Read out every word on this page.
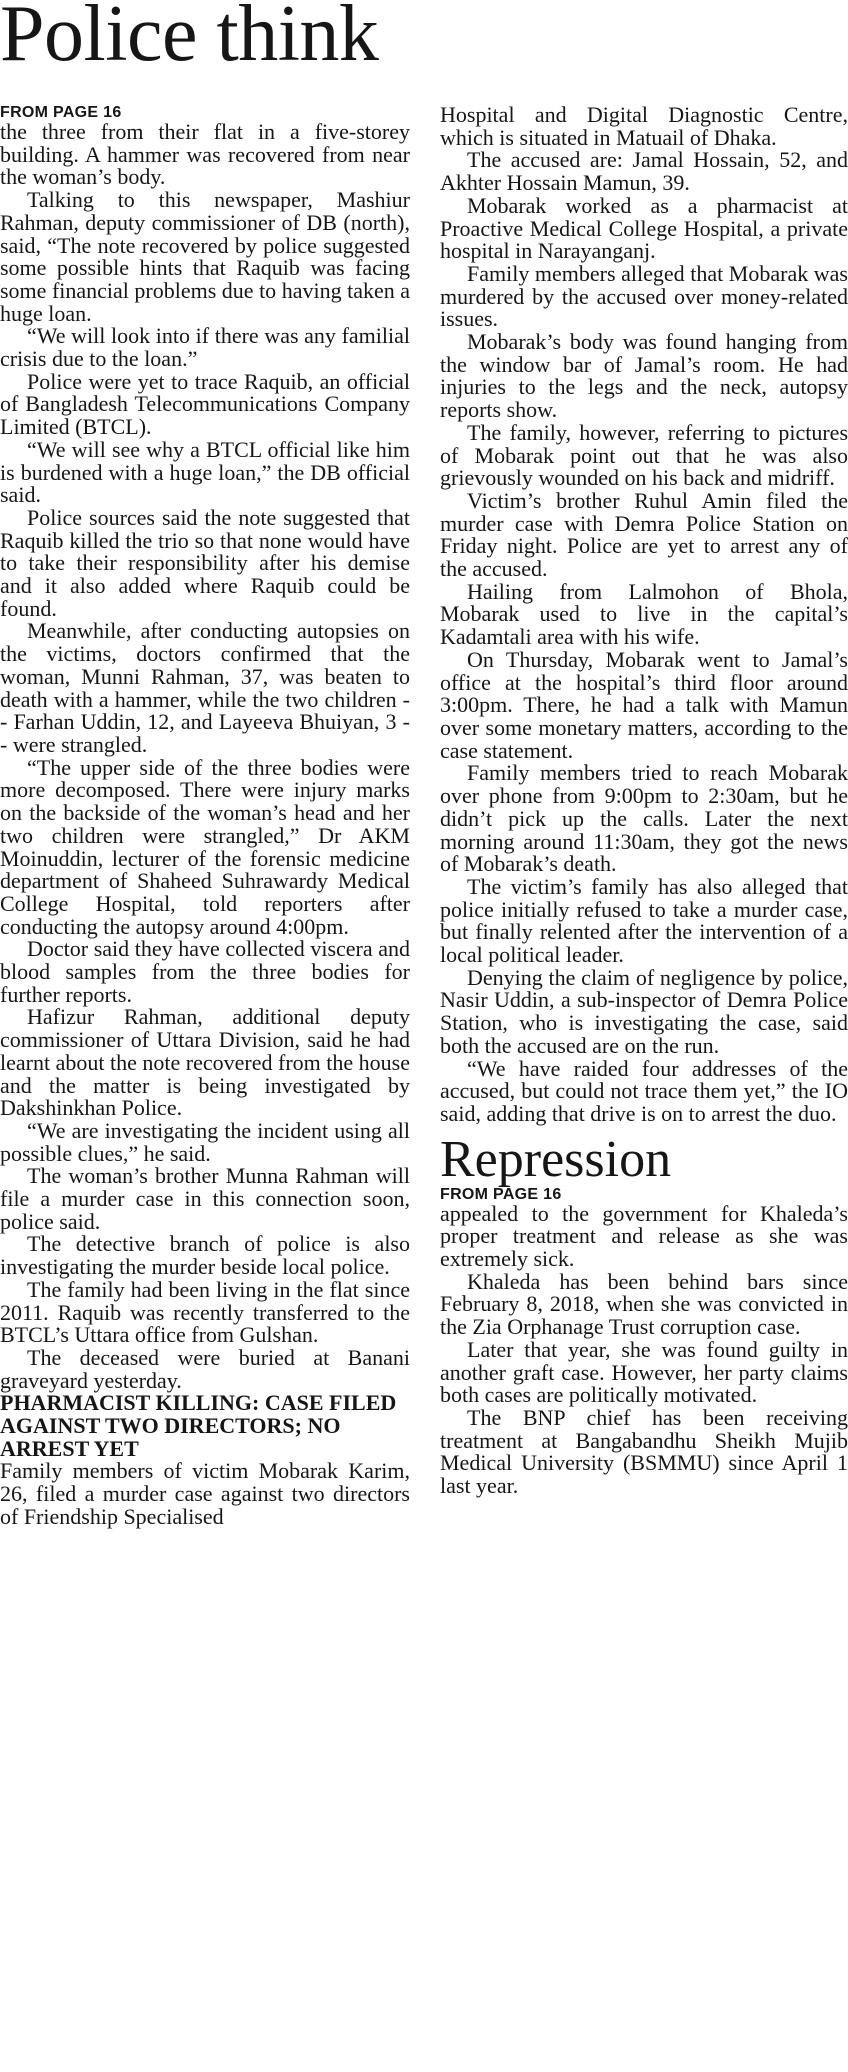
Police think
FROM PAGE 16

the three from their flat in a five-storey building. A hammer was recovered from near the woman’s body.

Talking to this newspaper, Mashiur Rahman, deputy commissioner of DB (north), said, “The note recovered by police suggested some possible hints that Raquib was facing some financial problems due to having taken a huge loan.

“We will look into if there was any familial crisis due to the loan.”

Police were yet to trace Raquib, an official of Bangladesh Telecommunications Company Limited (BTCL).

“We will see why a BTCL official like him is burdened with a huge loan,” the DB official said.

Police sources said the note suggested that Raquib killed the trio so that none would have to take their responsibility after his demise and it also added where Raquib could be found.

Meanwhile, after conducting autopsies on the victims, doctors confirmed that the woman, Munni Rahman, 37, was beaten to death with a hammer, while the two children -- Farhan Uddin, 12, and Layeeva Bhuiyan, 3 -- were strangled.

“The upper side of the three bodies were more decomposed. There were injury marks on the backside of the woman’s head and her two children were strangled,” Dr AKM Moinuddin, lecturer of the forensic medicine department of Shaheed Suhrawardy Medical College Hospital, told reporters after conducting the autopsy around 4:00pm.

Doctor said they have collected viscera and blood samples from the three bodies for further reports.

Hafizur Rahman, additional deputy commissioner of Uttara Division, said he had learnt about the note recovered from the house and the matter is being investigated by Dakshinkhan Police.

“We are investigating the incident using all possible clues,” he said.

The woman’s brother Munna Rahman will file a murder case in this connection soon, police said.

The detective branch of police is also investigating the murder beside local police.

The family had been living in the flat since 2011. Raquib was recently transferred to the BTCL’s Uttara office from Gulshan.

The deceased were buried at Banani graveyard yesterday.

PHARMACIST KILLING: CASE FILED AGAINST TWO DIRECTORS; NO ARREST YET

Family members of victim Mobarak Karim, 26, filed a murder case against two directors of Friendship Specialised

Hospital and Digital Diagnostic Centre, which is situated in Matuail of Dhaka.

The accused are: Jamal Hossain, 52, and Akhter Hossain Mamun, 39.

Mobarak worked as a pharmacist at Proactive Medical College Hospital, a private hospital in Narayanganj.

Family members alleged that Mobarak was murdered by the accused over money-related issues.

Mobarak’s body was found hanging from the window bar of Jamal’s room. He had injuries to the legs and the neck, autopsy reports show.

The family, however, referring to pictures of Mobarak point out that he was also grievously wounded on his back and midriff.

Victim’s brother Ruhul Amin filed the murder case with Demra Police Station on Friday night. Police are yet to arrest any of the accused.

Hailing from Lalmohon of Bhola, Mobarak used to live in the capital’s Kadamtali area with his wife.

On Thursday, Mobarak went to Jamal’s office at the hospital’s third floor around 3:00pm. There, he had a talk with Mamun over some monetary matters, according to the case statement.

Family members tried to reach Mobarak over phone from 9:00pm to 2:30am, but he didn’t pick up the calls. Later the next morning around 11:30am, they got the news of Mobarak’s death.

The victim’s family has also alleged that police initially refused to take a murder case, but finally relented after the intervention of a local political leader.

Denying the claim of negligence by police, Nasir Uddin, a sub-inspector of Demra Police Station, who is investigating the case, said both the accused are on the run.

“We have raided four addresses of the accused, but could not trace them yet,” the IO said, adding that drive is on to arrest the duo.

Repression
FROM PAGE 16

appealed to the government for Khaleda’s proper treatment and release as she was extremely sick.

Khaleda has been behind bars since February 8, 2018, when she was convicted in the Zia Orphanage Trust corruption case.

Later that year, she was found guilty in another graft case. However, her party claims both cases are politically motivated.

The BNP chief has been receiving treatment at Bangabandhu Sheikh Mujib Medical University (BSMMU) since April 1 last year.
